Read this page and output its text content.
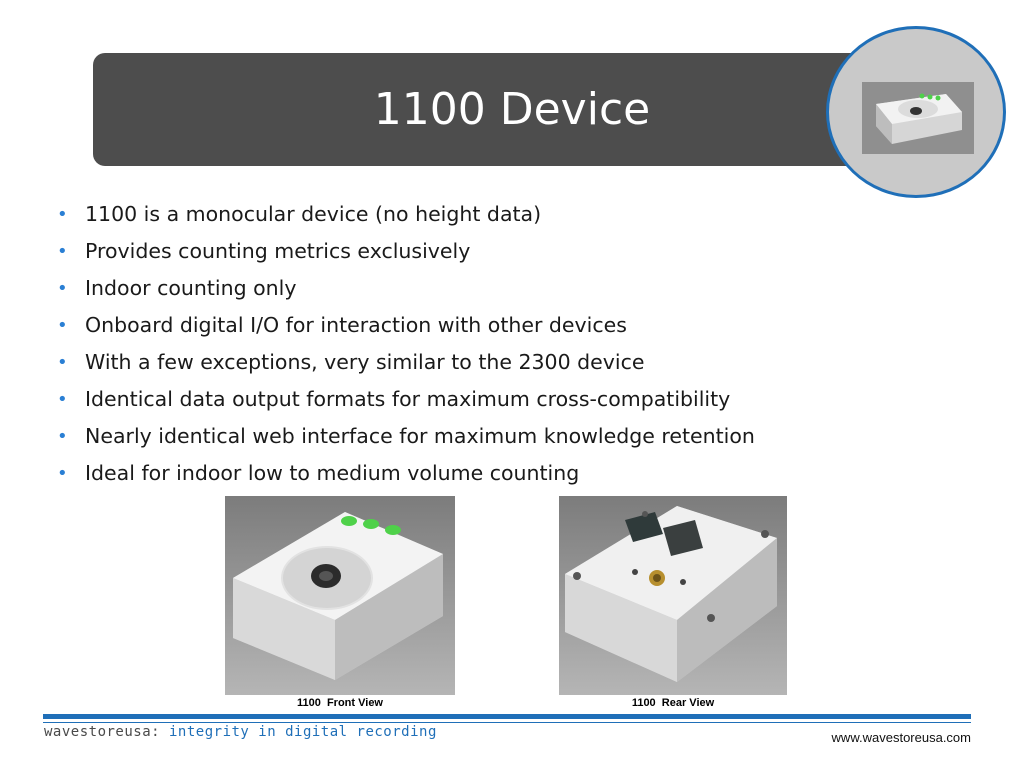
1100 Device
• 1100 is a monocular device (no height data)
• Provides counting metrics exclusively
• Indoor counting only
• Onboard digital I/O for interaction with other devices
• With a few exceptions, very similar to the 2300 device
• Identical data output formats for maximum cross-compatibility
• Nearly identical web interface for maximum knowledge retention
• Ideal for indoor low to medium volume counting
1100  Front View	1100  Rear View
wavestoreusa: integrity in digital recording	www.wavestoreusa.com
